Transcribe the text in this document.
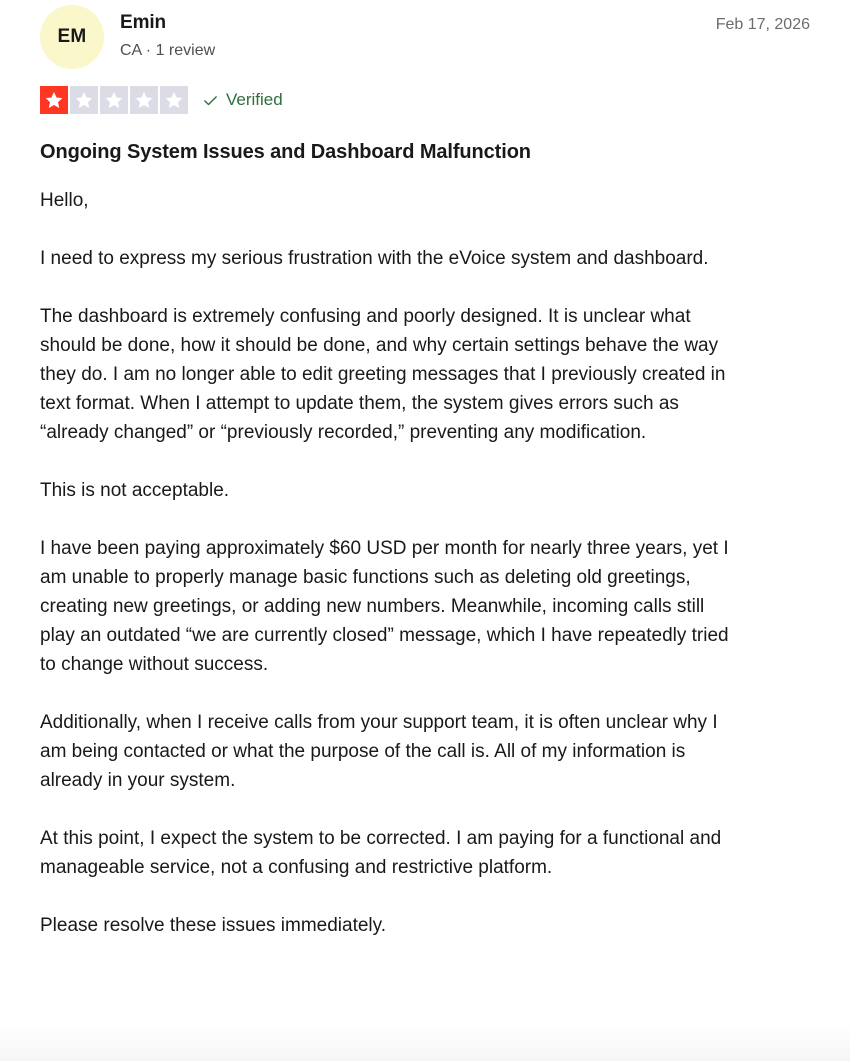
EM
Emin
CA · 1 review
Feb 17, 2026
Verified
Ongoing System Issues and Dashboard Malfunction

Hello,

I need to express my serious frustration with the eVoice system and dashboard.

The dashboard is extremely confusing and poorly designed. It is unclear what should be done, how it should be done, and why certain settings behave the way they do. I am no longer able to edit greeting messages that I previously created in text format. When I attempt to update them, the system gives errors such as “already changed” or “previously recorded,” preventing any modification.

This is not acceptable.

I have been paying approximately $60 USD per month for nearly three years, yet I am unable to properly manage basic functions such as deleting old greetings, creating new greetings, or adding new numbers. Meanwhile, incoming calls still play an outdated “we are currently closed” message, which I have repeatedly tried to change without success.

Additionally, when I receive calls from your support team, it is often unclear why I am being contacted or what the purpose of the call is. All of my information is already in your system.

At this point, I expect the system to be corrected. I am paying for a functional and manageable service, not a confusing and restrictive platform.

Please resolve these issues immediately.
